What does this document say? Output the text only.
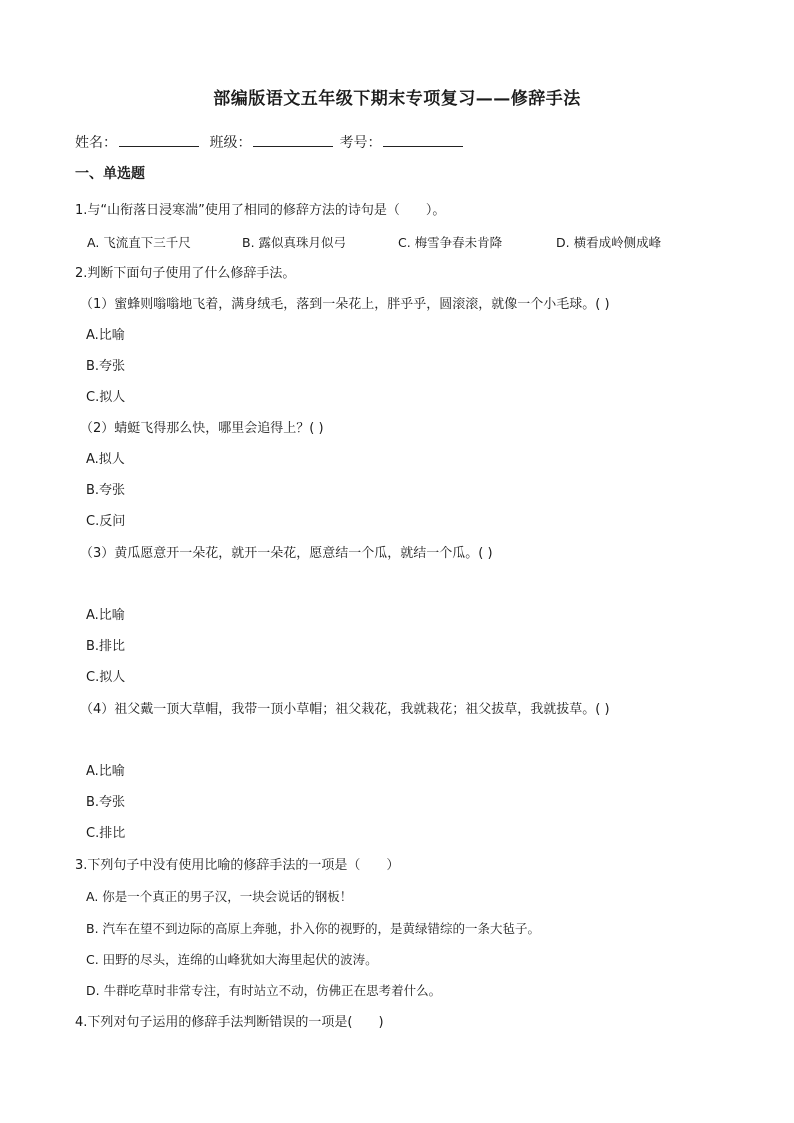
部编版语文五年级下期末专项复习——修辞手法
姓名：	班级：	考号：
一、单选题
1.与“山衔落日浸寒湍”使用了相同的修辞方法的诗句是（　　）。
A. 飞流直下三千尺	B. 露似真珠月似弓	C. 梅雪争春未肯降	D. 横看成岭侧成峰
2.判断下面句子使用了什么修辞手法。
（1）蜜蜂则嗡嗡地飞着，满身绒毛，落到一朵花上，胖乎乎，圆滚滚，就像一个小毛球。( )
A.比喻
B.夸张
C.拟人
（2）蜻蜓飞得那么快，哪里会追得上？( )
A.拟人
B.夸张
C.反问
（3）黄瓜愿意开一朵花，就开一朵花，愿意结一个瓜，就结一个瓜。( )
A.比喻
B.排比
C.拟人
（4）祖父戴一顶大草帽，我带一顶小草帽；祖父栽花，我就栽花；祖父拔草，我就拔草。( )
A.比喻
B.夸张
C.排比
3.下列句子中没有使用比喻的修辞手法的一项是（　　）
A. 你是一个真正的男子汉，一块会说话的钢板！
B. 汽车在望不到边际的高原上奔驰，扑入你的视野的，是黄绿错综的一条大毡子。
C. 田野的尽头，连绵的山峰犹如大海里起伏的波涛。
D. 牛群吃草时非常专注，有时站立不动，仿佛正在思考着什么。
4.下列对句子运用的修辞手法判断错误的一项是(　　)
